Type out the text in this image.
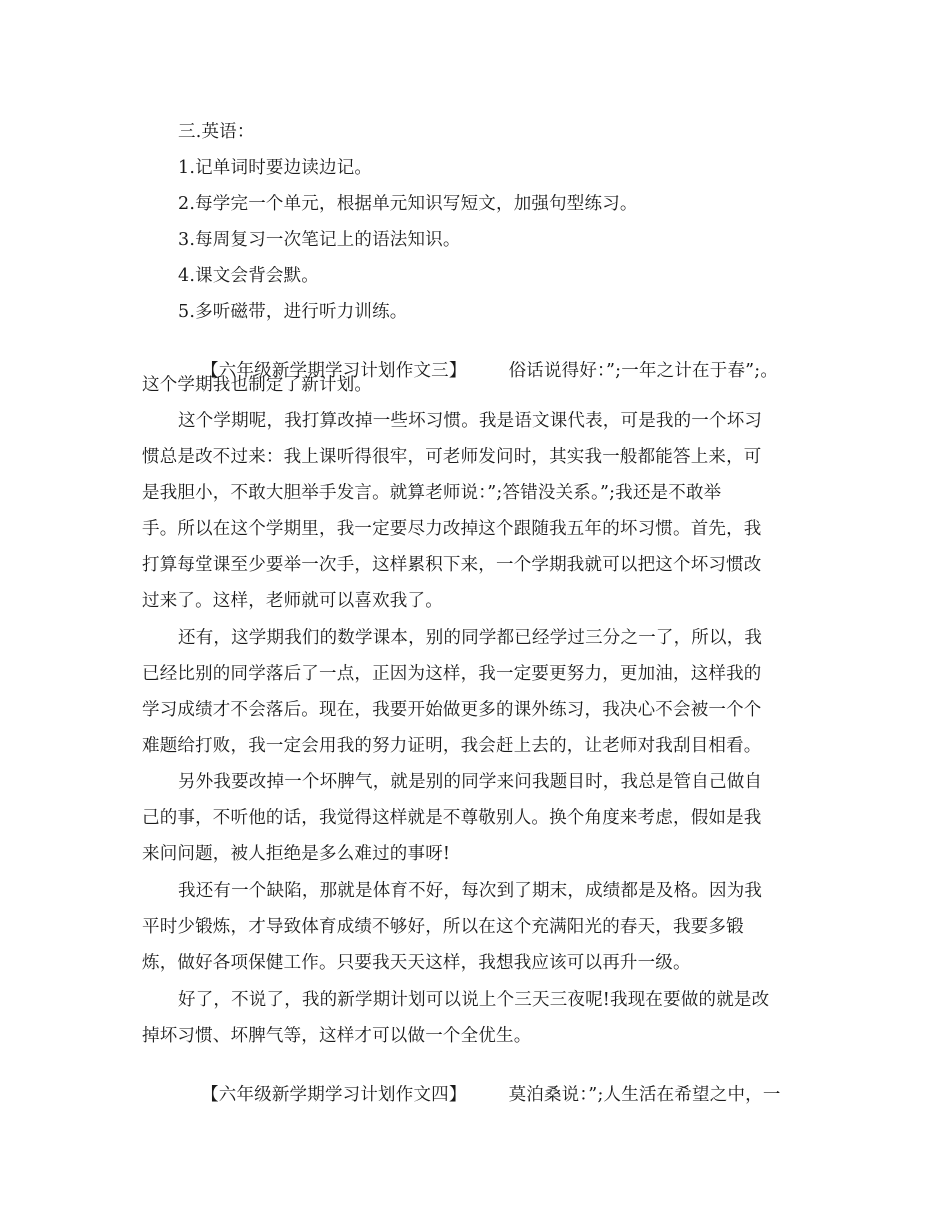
三.英语：
1.记单词时要边读边记。
2.每学完一个单元，根据单元知识写短文，加强句型练习。
3.每周复习一次笔记上的语法知识。
4.课文会背会默。
5.多听磁带，进行听力训练。

【六年级新学期学习计划作文三】 俗话说得好：”;一年之计在于春”;。

这个学期我也制定了新计划。
这个学期呢，我打算改掉一些坏习惯。我是语文课代表，可是我的一个坏习
惯总是改不过来：我上课听得很牢，可老师发问时，其实我一般都能答上来，可
是我胆小，不敢大胆举手发言。就算老师说：”;答错没关系。”;我还是不敢举
手。所以在这个学期里，我一定要尽力改掉这个跟随我五年的坏习惯。首先，我
打算每堂课至少要举一次手，这样累积下来，一个学期我就可以把这个坏习惯改
过来了。这样，老师就可以喜欢我了。
还有，这学期我们的数学课本，别的同学都已经学过三分之一了，所以，我
已经比别的同学落后了一点，正因为这样，我一定要更努力，更加油，这样我的
学习成绩才不会落后。现在，我要开始做更多的课外练习，我决心不会被一个个
难题给打败，我一定会用我的努力证明，我会赶上去的，让老师对我刮目相看。
另外我要改掉一个坏脾气，就是别的同学来问我题目时，我总是管自己做自
己的事，不听他的话，我觉得这样就是不尊敬别人。换个角度来考虑，假如是我
来问问题，被人拒绝是多么难过的事呀!
我还有一个缺陷，那就是体育不好，每次到了期末，成绩都是及格。因为我
平时少锻炼，才导致体育成绩不够好，所以在这个充满阳光的春天，我要多锻
炼，做好各项保健工作。只要我天天这样，我想我应该可以再升一级。
好了，不说了，我的新学期计划可以说上个三天三夜呢!我现在要做的就是改
掉坏习惯、坏脾气等，这样才可以做一个全优生。

【六年级新学期学习计划作文四】 莫泊桑说：”;人生活在希望之中，一
